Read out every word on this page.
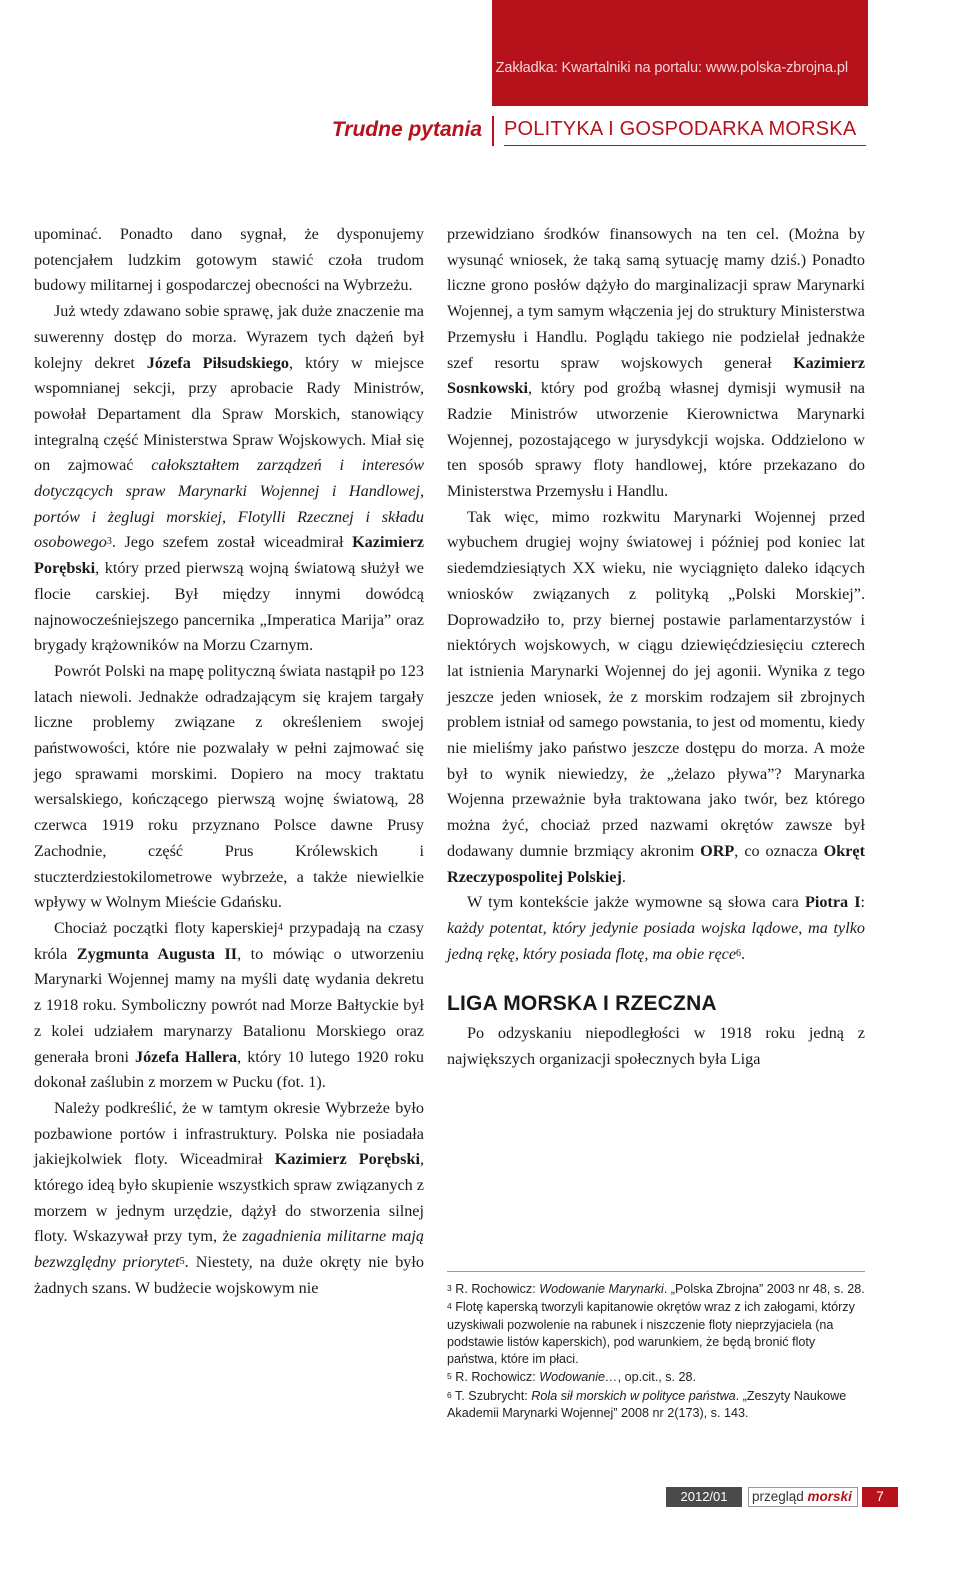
Zakładka: Kwartalniki na portalu: www.polska-zbrojna.pl
Trudne pytania POLITYKA I GOSPODARKA MORSKA

upominać. Ponadto dano sygnał, że dysponujemy potencjałem ludzkim gotowym stawić czoła trudom budowy militarnej i gospodarczej obecności na Wybrzeżu.

Już wtedy zdawano sobie sprawę, jak duże znaczenie ma suwerenny dostęp do morza. Wyrazem tych dążeń był kolejny dekret Józefa Piłsudskiego, który w miejsce wspomnianej sekcji, przy aprobacie Rady Ministrów, powołał Departament dla Spraw Morskich, stanowiący integralną część Ministerstwa Spraw Wojskowych. Miał się on zajmować całokształtem zarządzeń i interesów dotyczących spraw Marynarki Wojennej i Handlowej, portów i żeglugi morskiej, Flotylli Rzecznej i składu osobowego$^3$. Jego szefem został wiceadmirał Kazimierz Porębski, który przed pierwszą wojną światową służył we flocie carskiej. Był między innymi dowódcą najnowocześniejszego pancernika „Imperatica Marija” oraz brygady krążowników na Morzu Czarnym.

Powrót Polski na mapę polityczną świata nastąpił po 123 latach niewoli. Jednakże odradzającym się krajem targały liczne problemy związane z określeniem swojej państwowości, które nie pozwalały w pełni zajmować się jego sprawami morskimi. Dopiero na mocy traktatu wersalskiego, kończącego pierwszą wojnę światową, 28 czerwca 1919 roku przyznano Polsce dawne Prusy Zachodnie, część Prus Królewskich i stuczterdziestokilometrowe wybrzeże, a także niewielkie wpływy w Wolnym Mieście Gdańsku.

Chociaż początki floty kaperskiej$^4$ przypadają na czasy króla Zygmunta Augusta II, to mówiąc o utworzeniu Marynarki Wojennej mamy na myśli datę wydania dekretu z 1918 roku. Symboliczny powrót nad Morze Bałtyckie był z kolei udziałem marynarzy Batalionu Morskiego oraz generała broni Józefa Hallera, który 10 lutego 1920 roku dokonał zaślubin z morzem w Pucku (fot. 1).

Należy podkreślić, że w tamtym okresie Wybrzeże było pozbawione portów i infrastruktury. Polska nie posiadała jakiejkolwiek floty. Wiceadmirał Kazimierz Porębski, którego ideą było skupienie wszystkich spraw związanych z morzem w jednym urzędzie, dążył do stworzenia silnej floty. Wskazywał przy tym, że zagadnienia militarne mają bezwzględny priorytet$^5$. Niestety, na duże okręty nie było żadnych szans. W budżecie wojskowym nie

przewidziano środków finansowych na ten cel. (Można by wysunąć wniosek, że taką samą sytuację mamy dziś.) Ponadto liczne grono posłów dążyło do marginalizacji spraw Marynarki Wojennej, a tym samym włączenia jej do struktury Ministerstwa Przemysłu i Handlu. Poglądu takiego nie podzielał jednakże szef resortu spraw wojskowych generał Kazimierz Sosnkowski, który pod groźbą własnej dymisji wymusił na Radzie Ministrów utworzenie Kierownictwa Marynarki Wojennej, pozostającego w jurysdykcji wojska. Oddzielono w ten sposób sprawy floty handlowej, które przekazano do Ministerstwa Przemysłu i Handlu.

Tak więc, mimo rozkwitu Marynarki Wojennej przed wybuchem drugiej wojny światowej i później pod koniec lat siedemdziesiątych XX wieku, nie wyciągnięto daleko idących wniosków związanych z polityką „Polski Morskiej”. Doprowadziło to, przy biernej postawie parlamentarzystów i niektórych wojskowych, w ciągu dziewięćdziesięciu czterech lat istnienia Marynarki Wojennej do jej agonii. Wynika z tego jeszcze jeden wniosek, że z morskim rodzajem sił zbrojnych problem istniał od samego powstania, to jest od momentu, kiedy nie mieliśmy jako państwo jeszcze dostępu do morza. A może był to wynik niewiedzy, że „żelazo pływa”? Marynarka Wojenna przeważnie była traktowana jako twór, bez którego można żyć, chociaż przed nazwami okrętów zawsze był dodawany dumnie brzmiący akronim ORP, co oznacza Okręt Rzeczypospolitej Polskiej.

W tym kontekście jakże wymowne są słowa cara Piotra I: każdy potentat, który jedynie posiada wojska lądowe, ma tylko jedną rękę, który posiada flotę, ma obie ręce$^6$.

LIGA MORSKA I RZECZNA

Po odzyskaniu niepodległości w 1918 roku jedną z największych organizacji społecznych była Liga

$^3$ R. Rochowicz: Wodowanie Marynarki. „Polska Zbrojna” 2003 nr 48, s. 28.
$^4$ Flotę kaperską tworzyli kapitanowie okrętów wraz z ich załogami, którzy uzyskiwali pozwolenie na rabunek i niszczenie floty nieprzyjaciela (na podstawie listów kaperskich), pod warunkiem, że będą bronić floty państwa, które im płaci.
$^5$ R. Rochowicz: Wodowanie…, op.cit., s. 28.
$^6$ T. Szubrycht: Rola sił morskich w polityce państwa. „Zeszyty Naukowe Akademii Marynarki Wojennej” 2008 nr 2(173), s. 143.
2012/01	przegląd morski	7
